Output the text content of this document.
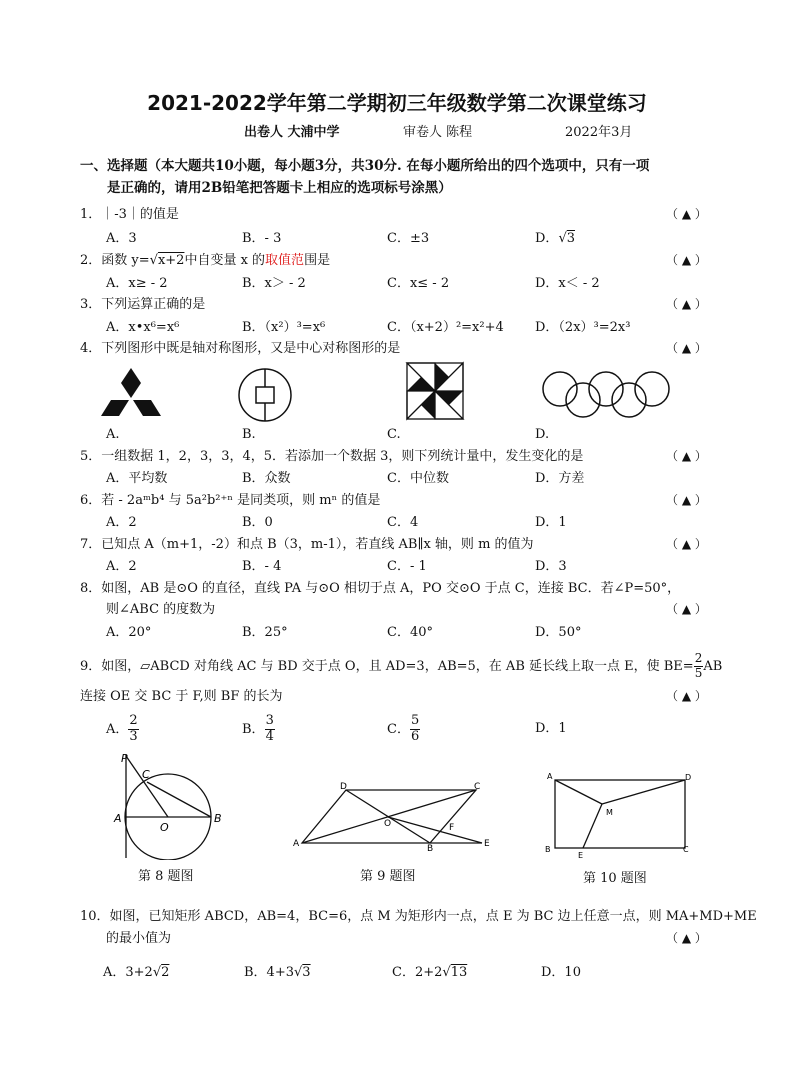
2021-2022学年第二学期初三年级数学第二次课堂练习
出卷人 大浦中学	审卷人 陈程	2022年3月
一、选择题（本大题共10小题，每小题3分，共30分. 在每小题所给出的四个选项中，只有一项
是正确的，请用2B铅笔把答题卡上相应的选项标号涂黑）
1．｜-3｜的值是	（ ▲ ）
A．3	B．- 3	C．±3	D．√3
2．函数 y=√x+2中自变量 x 的取值范围是	（ ▲ ）
A．x≥ - 2	B．x＞ - 2	C．x≤ - 2	D．x＜ - 2
3．下列运算正确的是	（ ▲ ）
A．x•x⁶=x⁶	B．（x²）³=x⁶	C．（x+2）²=x²+4 D．（2x）³=2x³
4．下列图形中既是轴对称图形，又是中心对称图形的是	（ ▲ ）
A.	B.	C.	D.
5．一组数据 1，2，3，3，4，5．若添加一个数据 3，则下列统计量中，发生变化的是	（ ▲ ）
A．平均数	B．众数	C．中位数	D．方差
6．若 - 2aᵐb⁴ 与 5a²b²⁺ⁿ 是同类项，则 mⁿ 的值是	（ ▲ ）
A．2	B．0	C．4	D．1
7．已知点 A（m+1，-2）和点 B（3，m-1），若直线 AB∥x 轴，则 m 的值为	（ ▲ ）
A．2	B．- 4	C．- 1	D．3
8．如图，AB 是⊙O 的直径，直线 PA 与⊙O 相切于点 A，PO 交⊙O 于点 C，连接 BC．若∠P=50°，
则∠ABC 的度数为	（ ▲ ）
A．20°	B．25°	C．40°	D．50°
9．如图，▱ABCD 对角线 AC 与 BD 交于点 O，且 AD=3，AB=5，在 AB 延长线上取一点 E，使 $BE= \frac{2}{5}$ AB
连接 OE 交 BC 于 F,则 BF 的长为	（ ▲ ）
A． $\frac{2}{3}$	B． $\frac{3}{4}$	C． $\frac{5}{6}$	D．1
P
C
A
O
B
第 8 题图
D	C
O	F
A	B	E
第 9 题图
A	D
M
B
E
C
第 10 题图
10．如图，已知矩形 ABCD，AB=4，BC=6，点 M 为矩形内一点，点 E 为 BC 边上任意一点，则 MA+MD+ME
的最小值为	（ ▲ ）
A．3+2√2	B．4+3√3	C．2+2√13	D．10
